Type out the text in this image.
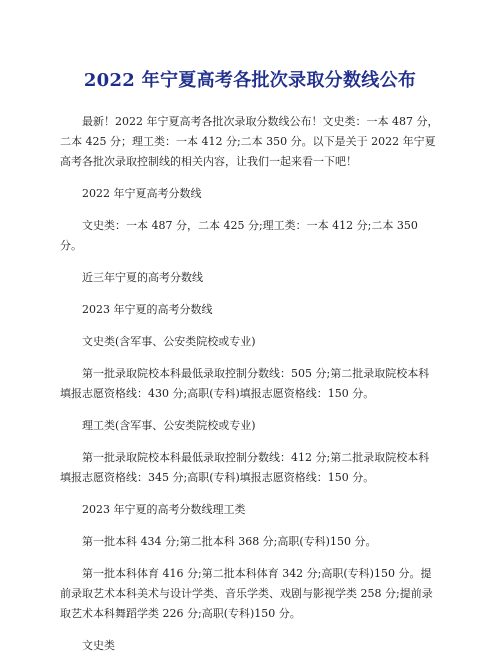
2022 年宁夏高考各批次录取分数线公布

最新！2022 年宁夏高考各批次录取分数线公布！文史类：一本 487 分，二本 425 分；理工类：一本 412 分;二本 350 分。以下是关于 2022 年宁夏高考各批次录取控制线的相关内容，让我们一起来看一下吧！

2022 年宁夏高考分数线

文史类：一本 487 分，二本 425 分;理工类：一本 412 分;二本 350 分。

近三年宁夏的高考分数线

2023 年宁夏的高考分数线

文史类(含军事、公安类院校或专业)

第一批录取院校本科最低录取控制分数线：505 分;第二批录取院校本科填报志愿资格线：430 分;高职(专科)填报志愿资格线：150 分。

理工类(含军事、公安类院校或专业)

第一批录取院校本科最低录取控制分数线：412 分;第二批录取院校本科填报志愿资格线：345 分;高职(专科)填报志愿资格线：150 分。

2023 年宁夏的高考分数线理工类

第一批本科 434 分;第二批本科 368 分;高职(专科)150 分。

第一批本科体育 416 分;第二批本科体育 342 分;高职(专科)150 分。提前录取艺术本科美术与设计学类、音乐学类、戏剧与影视学类 258 分;提前录取艺术本科舞蹈学类 226 分;高职(专科)150 分。

文史类
